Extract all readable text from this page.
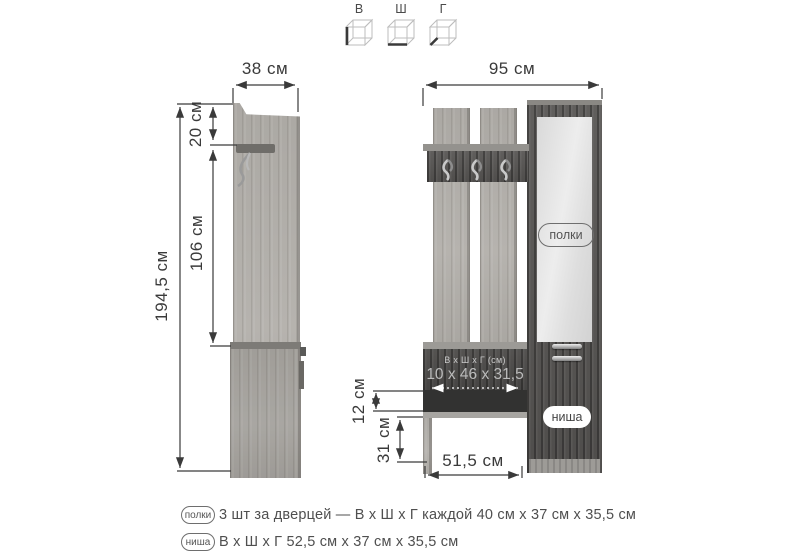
В	Ш	Г
38 см
20 см
106 см
194,5 см
полки
ниша
В х Ш х Г (см)
10 х 46 х 31,5
95 см
12 см
31 см	51,5 см
полки 3 шт за дверцей — В х Ш х Г каждой 40 см х 37 см х 35,5 см
ниша В х Ш х Г 52,5 см х 37 см х 35,5 см
